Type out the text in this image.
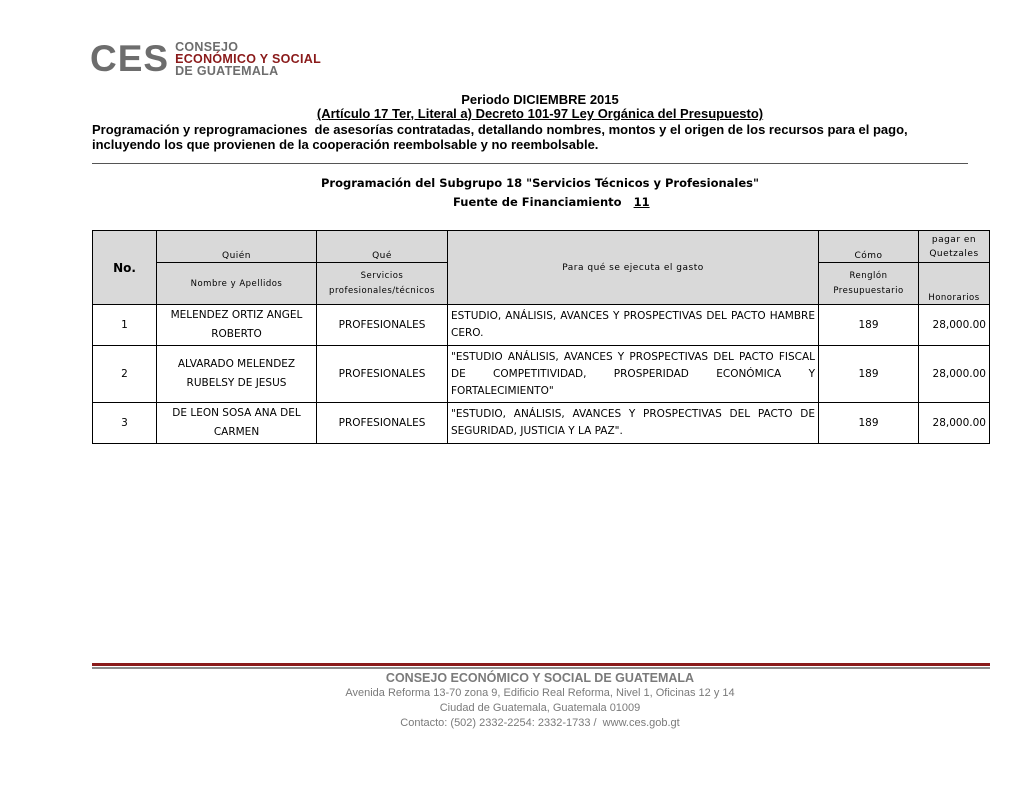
CES CONSEJO
ECONÓMICO Y SOCIAL
DE GUATEMALA
Periodo DICIEMBRE 2015
(Artículo 17 Ter, Literal a) Decreto 101-97 Ley Orgánica del Presupuesto)
Programación y reprogramaciones  de asesorías contratadas, detallando nombres, montos y el origen de los recursos para el pago,
incluyendo los que provienen de la cooperación reembolsable y no reembolsable.
Programación del Subgrupo 18 "Servicios Técnicos y Profesionales"
Fuente de Financiamiento 11
No.	Quién	Qué	Para qué se ejecuta el gasto	Cómo	pagar en Quetzales
	Nombre y Apellidos	Servicios profesionales/técnicos		Renglón Presupuestario	Honorarios
1	MELENDEZ ORTIZ ANGEL ROBERTO	PROFESIONALES	ESTUDIO, ANÁLISIS, AVANCES Y PROSPECTIVAS DEL PACTO HAMBRE CERO.	189	28,000.00
2	ALVARADO MELENDEZ RUBELSY DE JESUS	PROFESIONALES	"ESTUDIO ANÁLISIS, AVANCES Y PROSPECTIVAS DEL PACTO FISCAL DE COMPETITIVIDAD, PROSPERIDAD ECONÓMICA Y FORTALECIMIENTO"	189	28,000.00
3	DE LEON SOSA ANA DEL CARMEN	PROFESIONALES	"ESTUDIO, ANÁLISIS, AVANCES Y PROSPECTIVAS DEL PACTO DE SEGURIDAD, JUSTICIA Y LA PAZ".	189	28,000.00
CONSEJO ECONÓMICO Y SOCIAL DE GUATEMALA
Avenida Reforma 13-70 zona 9, Edificio Real Reforma, Nivel 1, Oficinas 12 y 14
Ciudad de Guatemala, Guatemala 01009
Contacto: (502) 2332-2254: 2332-1733 /  www.ces.gob.gt
